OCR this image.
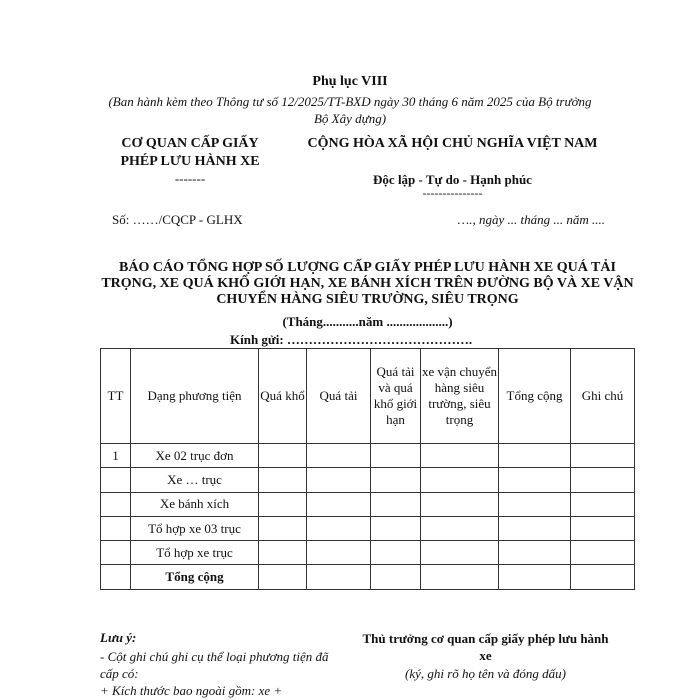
Phụ lục VIII
(Ban hành kèm theo Thông tư số 12/2025/TT-BXD ngày 30 tháng 6 năm 2025 của Bộ trưởng Bộ Xây dựng)
CƠ QUAN CẤP GIẤY PHÉP LƯU HÀNH XE
-------
CỘNG HÒA XÃ HỘI CHỦ NGHĨA VIỆT NAM
Độc lập - Tự do - Hạnh phúc
---------------
Số: ……/CQCP - GLHX	…., ngày ... tháng ... năm ....
BÁO CÁO TỔNG HỢP SỐ LƯỢNG CẤP GIẤY PHÉP LƯU HÀNH XE QUÁ TẢI TRỌNG, XE QUÁ KHỔ GIỚI HẠN, XE BÁNH XÍCH TRÊN ĐƯỜNG BỘ VÀ XE VẬN CHUYỂN HÀNG SIÊU TRƯỜNG, SIÊU TRỌNG
(Tháng...........năm ...................)
Kính gửi: …………………………………….
TT	Dạng phương tiện	Quá khổ	Quá tải	Quá tải và quá khổ giới hạn	xe vận chuyển hàng siêu trường, siêu trọng	Tổng cộng	Ghi chú
1	Xe 02 trục đơn						
	Xe … trục						
	Xe bánh xích						
	Tổ hợp xe 03 trục						
	Tổ hợp xe trục						
	Tổng cộng						
Lưu ý:
- Cột ghi chú ghi cụ thể loại phương tiện đã cấp có:
+ Kích thước bao ngoài gồm: xe +
Thủ trưởng cơ quan cấp giấy phép lưu hành xe
(ký, ghi rõ họ tên và đóng dấu)
